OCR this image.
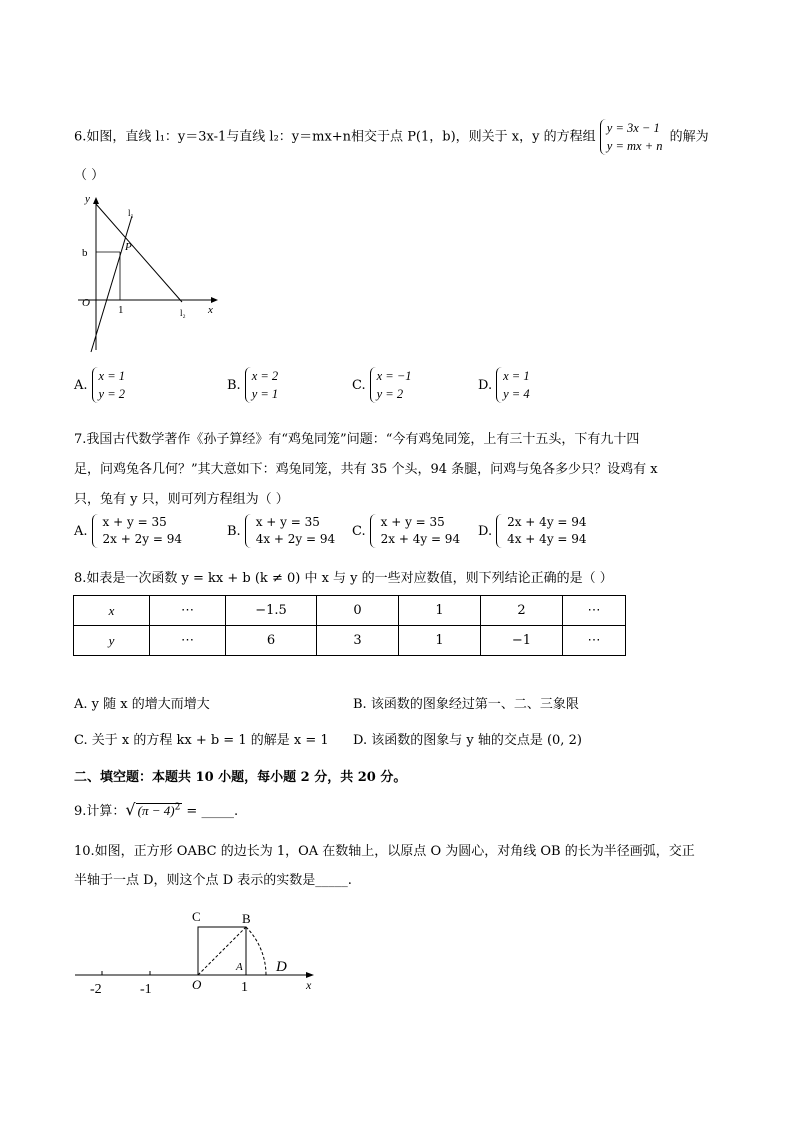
6.如图，直线 l₁：y＝3x-1与直线 l₂：y＝mx+n相交于点 P(1，b)，则关于 x，y 的方程组 y = 3x − 1
y = mx + n 的解为
（ ）
y
x
O
b
1
P
l₁
l₂
A.x = 1
y = 2
B.x = 2
y = 1
C.x = −1
y = 2
D.x = 1
y = 4
7.我国古代数学著作《孙子算经》有“鸡兔同笼”问题：“今有鸡兔同笼，上有三十五头，下有九十四
足，问鸡兔各几何？”其大意如下：鸡兔同笼，共有 35 个头，94 条腿，问鸡与兔各多少只？设鸡有 x
只，兔有 y 只，则可列方程组为（ ）
A.x + y = 35
2x + 2y = 94
B.x + y = 35
4x + 2y = 94
C.x + y = 35
2x + 4y = 94
D.2x + 4y = 94
4x + 4y = 94
8.如表是一次函数 y = kx + b (k ≠ 0) 中 x 与 y 的一些对应数值，则下列结论正确的是（ ）
x	⋯	−1.5	0	1	2	⋯
y	⋯	6	3	1	−1	⋯
A. y 随 x 的增大而增大	B. 该函数的图象经过第一、二、三象限
C. 关于 x 的方程 kx + b = 1 的解是 x = 1 D. 该函数的图象与 y 轴的交点是 (0, 2)
二、填空题：本题共 10 小题，每小题 2 分，共 20 分。
9.计算：√ $(\pi - 4)^2$ = _____.
10.如图，正方形 OABC 的边长为 1，OA 在数轴上，以原点 O 为圆心，对角线 OB 的长为半径画弧，交正
半轴于一点 D，则这个点 D 表示的实数是_____.
C	B
A D
O	1
-1
-2	x
